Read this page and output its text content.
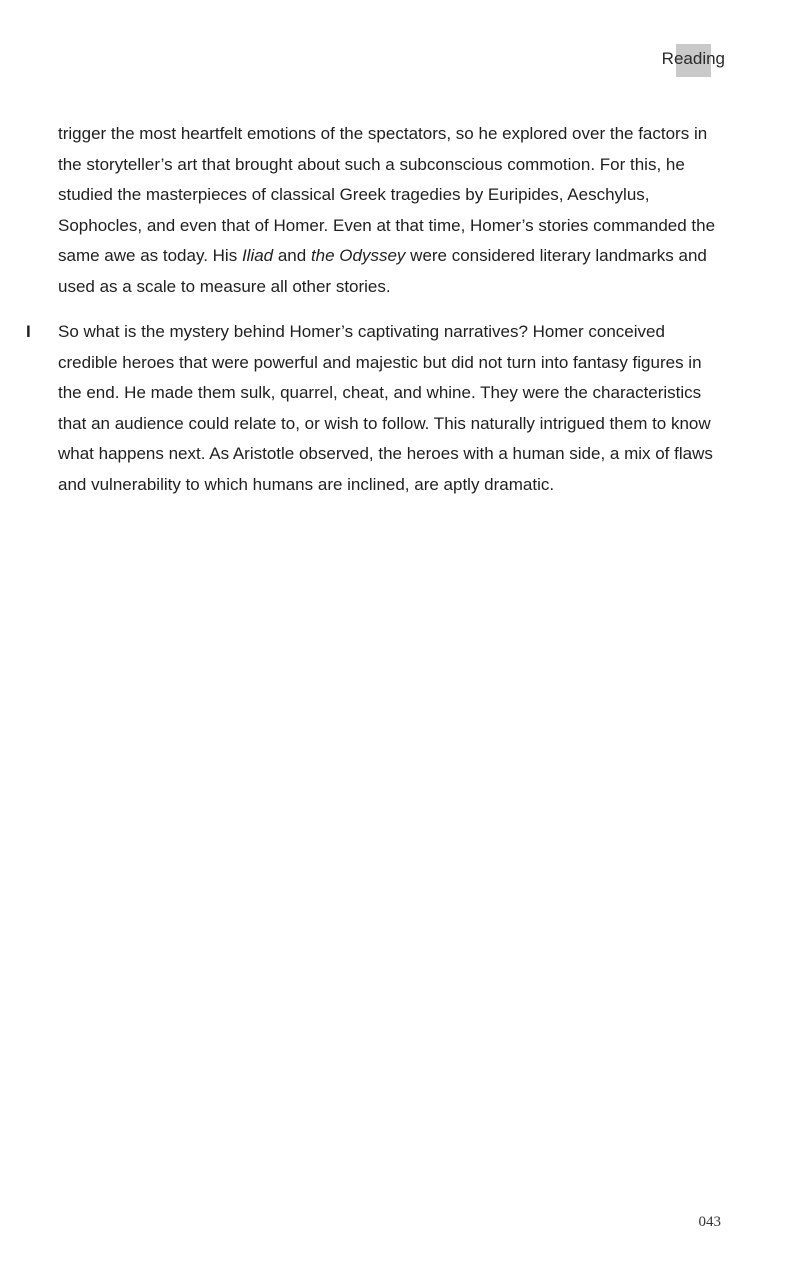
Reading

trigger the most heartfelt emotions of the spectators, so he explored over the factors in the storyteller’s art that brought about such a subconscious commotion. For this, he studied the masterpieces of classical Greek tragedies by Euripides, Aeschylus, Sophocles, and even that of Homer. Even at that time, Homer’s stories commanded the same awe as today. His Iliad and the Odyssey were considered literary landmarks and used as a scale to measure all other stories.

I So what is the mystery behind Homer’s captivating narratives? Homer conceived credible heroes that were powerful and majestic but did not turn into fantasy figures in the end. He made them sulk, quarrel, cheat, and whine. They were the characteristics that an audience could relate to, or wish to follow. This naturally intrigued them to know what happens next. As Aristotle observed, the heroes with a human side, a mix of flaws and vulnerability to which humans are inclined, are aptly dramatic.

043
